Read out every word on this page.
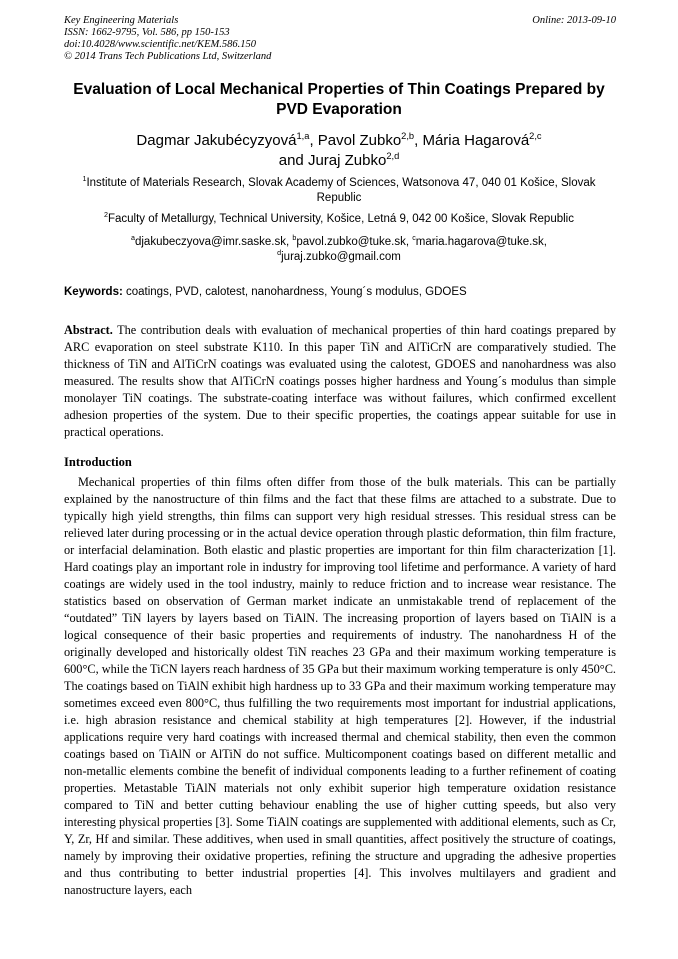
Key Engineering Materials
ISSN: 1662-9795, Vol. 586, pp 150-153
doi:10.4028/www.scientific.net/KEM.586.150
© 2014 Trans Tech Publications Ltd, Switzerland
Online: 2013-09-10
Evaluation of Local Mechanical Properties of Thin Coatings Prepared by PVD Evaporation
Dagmar Jakubécyzyová$^{1,a}$, Pavol Zubko$^{2,b}$, Mária Hagarová$^{2,c}$
and Juraj Zubko$^{2,d}$
$^1$Institute of Materials Research, Slovak Academy of Sciences, Watsonova 47, 040 01 Košice, Slovak Republic
$^2$Faculty of Metallurgy, Technical University, Košice, Letná 9, 042 00 Košice, Slovak Republic
$^a$djakubeczyova@imr.saske.sk, $^b$pavol.zubko@tuke.sk, $^c$maria.hagarova@tuke.sk,
$^d$juraj.zubko@gmail.com
Keywords: coatings, PVD, calotest, nanohardness, Young´s modulus, GDOES
Abstract. The contribution deals with evaluation of mechanical properties of thin hard coatings prepared by ARC evaporation on steel substrate K110. In this paper TiN and AlTiCrN are comparatively studied. The thickness of TiN and AlTiCrN coatings was evaluated using the calotest, GDOES and nanohardness was also measured. The results show that AlTiCrN coatings posses higher hardness and Young´s modulus than simple monolayer TiN coatings. The substrate-coating interface was without failures, which confirmed excellent adhesion properties of the system. Due to their specific properties, the coatings appear suitable for use in practical operations.
Introduction
Mechanical properties of thin films often differ from those of the bulk materials. This can be partially explained by the nanostructure of thin films and the fact that these films are attached to a substrate. Due to typically high yield strengths, thin films can support very high residual stresses. This residual stress can be relieved later during processing or in the actual device operation through plastic deformation, thin film fracture, or interfacial delamination. Both elastic and plastic properties are important for thin film characterization [1]. Hard coatings play an important role in industry for improving tool lifetime and performance. A variety of hard coatings are widely used in the tool industry, mainly to reduce friction and to increase wear resistance. The statistics based on observation of German market indicate an unmistakable trend of replacement of the “outdated” TiN layers by layers based on TiAlN. The increasing proportion of layers based on TiAlN is a logical consequence of their basic properties and requirements of industry. The nanohardness H of the originally developed and historically oldest TiN reaches 23 GPa and their maximum working temperature is 600°C, while the TiCN layers reach hardness of 35 GPa but their maximum working temperature is only 450°C. The coatings based on TiAlN exhibit high hardness up to 33 GPa and their maximum working temperature may sometimes exceed even 800°C, thus fulfilling the two requirements most important for industrial applications, i.e. high abrasion resistance and chemical stability at high temperatures [2]. However, if the industrial applications require very hard coatings with increased thermal and chemical stability, then even the common coatings based on TiAlN or AlTiN do not suffice. Multicomponent coatings based on different metallic and non-metallic elements combine the benefit of individual components leading to a further refinement of coating properties. Metastable TiAlN materials not only exhibit superior high temperature oxidation resistance compared to TiN and better cutting behaviour enabling the use of higher cutting speeds, but also very interesting physical properties [3]. Some TiAlN coatings are supplemented with additional elements, such as Cr, Y, Zr, Hf and similar. These additives, when used in small quantities, affect positively the structure of coatings, namely by improving their oxidative properties, refining the structure and upgrading the adhesive properties and thus contributing to better industrial properties [4]. This involves multilayers and gradient and nanostructure layers, each
